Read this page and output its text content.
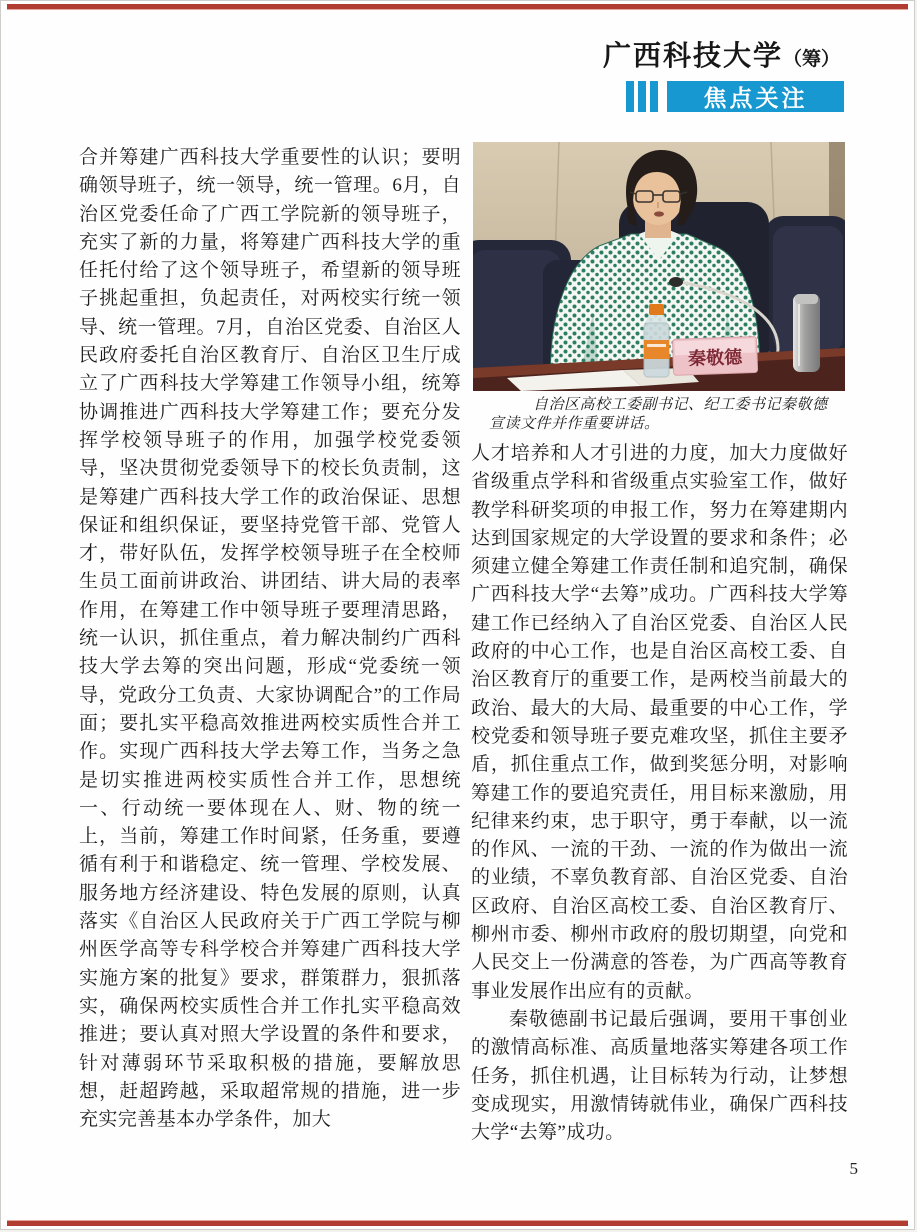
广西科技大学（筹）
焦点关注
合并筹建广西科技大学重要性的认识；要明确领导班子，统一领导，统一管理。6月，自治区党委任命了广西工学院新的领导班子，充实了新的力量，将筹建广西科技大学的重任托付给了这个领导班子，希望新的领导班子挑起重担，负起责任，对两校实行统一领导、统一管理。7月，自治区党委、自治区人民政府委托自治区教育厅、自治区卫生厅成立了广西科技大学筹建工作领导小组，统筹协调推进广西科技大学筹建工作；要充分发挥学校领导班子的作用，加强学校党委领导，坚决贯彻党委领导下的校长负责制，这是筹建广西科技大学工作的政治保证、思想保证和组织保证，要坚持党管干部、党管人才，带好队伍，发挥学校领导班子在全校师生员工面前讲政治、讲团结、讲大局的表率作用，在筹建工作中领导班子要理清思路，统一认识，抓住重点，着力解决制约广西科技大学去筹的突出问题，形成“党委统一领导，党政分工负责、大家协调配合”的工作局面；要扎实平稳高效推进两校实质性合并工作。实现广西科技大学去筹工作，当务之急是切实推进两校实质性合并工作，思想统一、行动统一要体现在人、财、物的统一上，当前，筹建工作时间紧，任务重，要遵循有利于和谐稳定、统一管理、学校发展、服务地方经济建设、特色发展的原则，认真落实《自治区人民政府关于广西工学院与柳州医学高等专科学校合并筹建广西科技大学实施方案的批复》要求，群策群力，狠抓落实，确保两校实质性合并工作扎实平稳高效推进；要认真对照大学设置的条件和要求，针对薄弱环节采取积极的措施，要解放思想，赶超跨越，采取超常规的措施，进一步充实完善基本办学条件，加大
秦敬德
自治区高校工委副书记、纪工委书记秦敬德宣读文件并作重要讲话。

人才培养和人才引进的力度，加大力度做好省级重点学科和省级重点实验室工作，做好教学科研奖项的申报工作，努力在筹建期内达到国家规定的大学设置的要求和条件；必须建立健全筹建工作责任制和追究制，确保广西科技大学“去筹”成功。广西科技大学筹建工作已经纳入了自治区党委、自治区人民政府的中心工作，也是自治区高校工委、自治区教育厅的重要工作，是两校当前最大的政治、最大的大局、最重要的中心工作，学校党委和领导班子要克难攻坚，抓住主要矛盾，抓住重点工作，做到奖惩分明，对影响筹建工作的要追究责任，用目标来激励，用纪律来约束，忠于职守，勇于奉献，以一流的作风、一流的干劲、一流的作为做出一流的业绩，不辜负教育部、自治区党委、自治区政府、自治区高校工委、自治区教育厅、柳州市委、柳州市政府的殷切期望，向党和人民交上一份满意的答卷，为广西高等教育事业发展作出应有的贡献。

秦敬德副书记最后强调，要用干事创业的激情高标准、高质量地落实筹建各项工作任务，抓住机遇，让目标转为行动，让梦想变成现实，用激情铸就伟业，确保广西科技大学“去筹”成功。

5
